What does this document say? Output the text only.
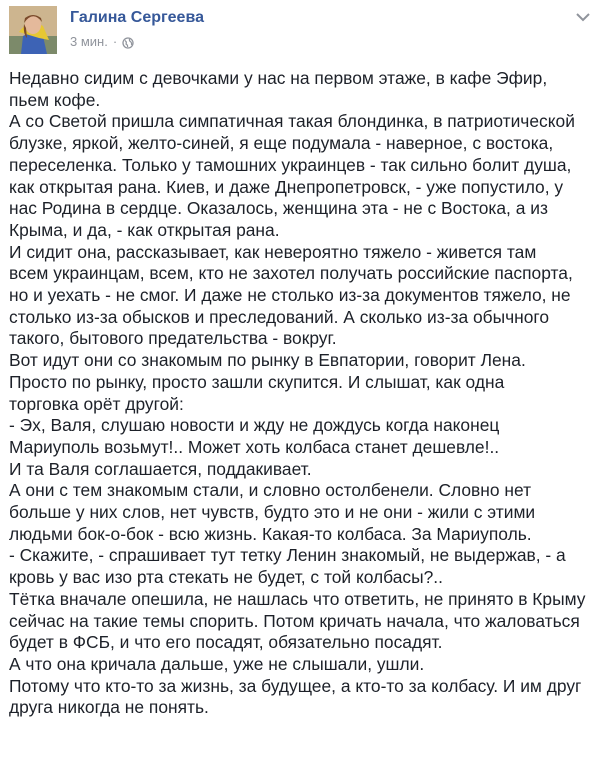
Галина Сергеева
3 мин. ·

Недавно сидим с девочками у нас на первом этаже, в кафе Эфир,

пьем кофе.

А со Светой пришла симпатичная такая блондинка, в патриотической

блузке, яркой, желто-синей, я еще подумала - наверное, с востока,

переселенка. Только у тамошних украинцев - так сильно болит душа,

как открытая рана. Киев, и даже Днепропетровск, - уже попустило, у

нас Родина в сердце. Оказалось, женщина эта - не с Востока, а из

Крыма, и да, - как открытая рана.

И сидит она, рассказывает, как невероятно тяжело - живется там

всем украинцам, всем, кто не захотел получать российские паспорта,

но и уехать - не смог. И даже не столько из-за документов тяжело, не

столько из-за обысков и преследований. А сколько из-за обычного

такого, бытового предательства - вокруг.

Вот идут они со знакомым по рынку в Евпатории, говорит Лена.

Просто по рынку, просто зашли скупится. И слышат, как одна

торговка орёт другой:

- Эх, Валя, слушаю новости и жду не дождусь когда наконец

Мариуполь возьмут!.. Может хоть колбаса станет дешевле!..

И та Валя соглашается, поддакивает.

А они с тем знакомым стали, и словно остолбенели. Словно нет

больше у них слов, нет чувств, будто это и не они - жили с этими

людьми бок-о-бок - всю жизнь. Какая-то колбаса. За Мариуполь.

- Скажите, - спрашивает тут тетку Ленин знакомый, не выдержав, - а

кровь у вас изо рта стекать не будет, с той колбасы?..

Тётка вначале опешила, не нашлась что ответить, не принято в Крыму

сейчас на такие темы спорить. Потом кричать начала, что жаловаться

будет в ФСБ, и что его посадят, обязательно посадят.

А что она кричала дальше, уже не слышали, ушли.

Потому что кто-то за жизнь, за будущее, а кто-то за колбасу. И им друг

друга никогда не понять.
